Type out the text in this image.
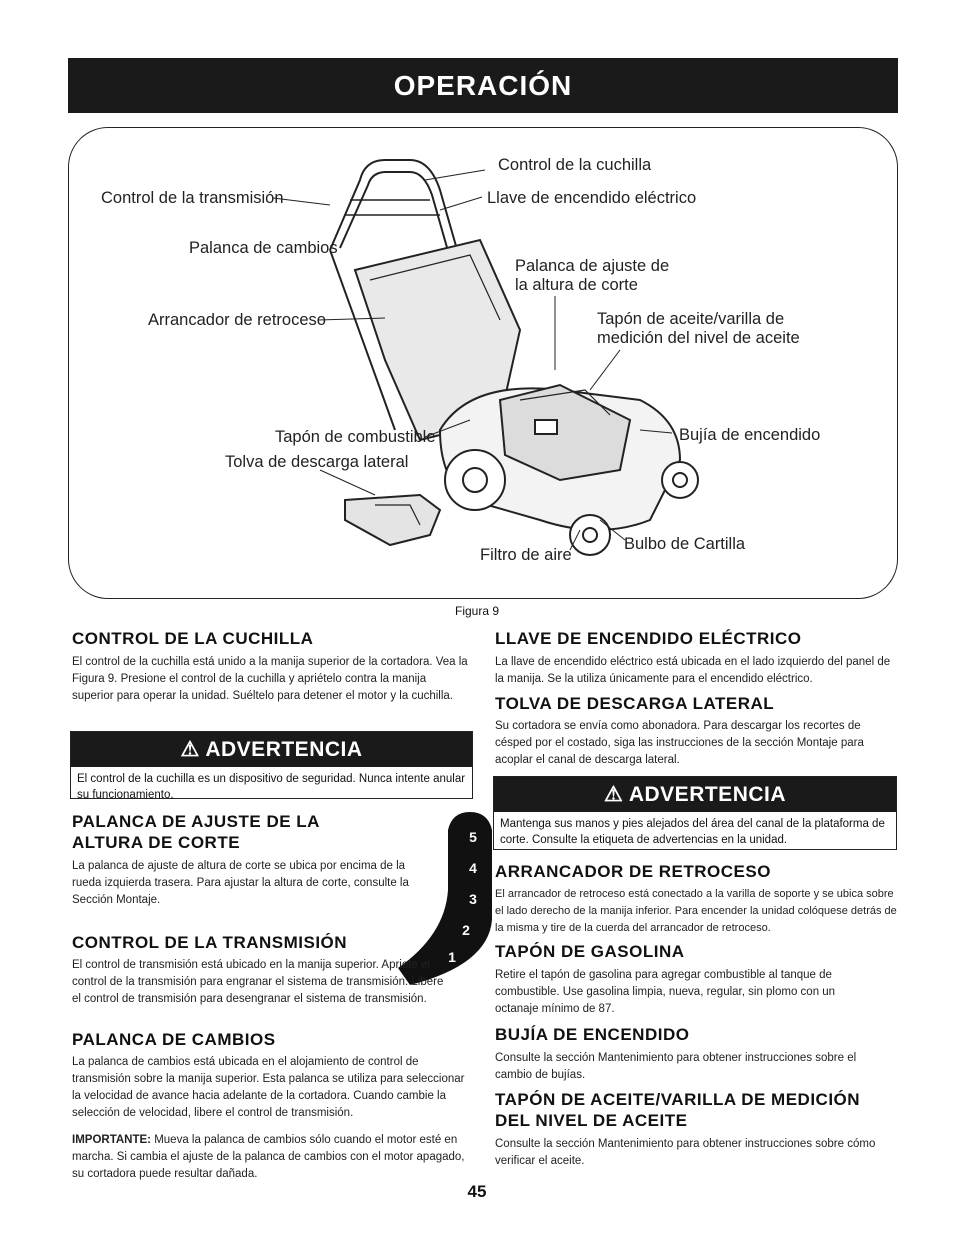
OPERACIÓN
Control de la cuchilla
Control de la transmisión	Llave de encendido eléctrico
Palanca de cambios
Palanca de ajuste de
la altura de corte
Arrancador de retroceso	Tapón de aceite/varilla de
medición del nivel de aceite
Tapón de combustible	Bujía de encendido
Tolva de descarga lateral
Bulbo de Cartilla
Filtro de aire
Figura 9
CONTROL DE LA CUCHILLA
El control de la cuchilla está unido a la manija superior de la cortadora. Vea la Figura 9. Presione el control de la cuchilla y apriételo contra la manija superior para operar la unidad. Suéltelo para detener el motor y la cuchilla.
⚠ ADVERTENCIA
El control de la cuchilla es un dispositivo de seguridad. Nunca intente anular su funcionamiento.
PALANCA DE AJUSTE DE LA
ALTURA DE CORTE
La palanca de ajuste de altura de corte se ubica por encima de la rueda izquierda trasera. Para ajustar la altura de corte, consulte la Sección Montaje.
5
4
3
2
1
CONTROL DE LA TRANSMISIÓN
El control de transmisión está ubicado en la manija superior. Apriete el control de la transmisión para engranar el sistema de transmisión. Libere el control de transmisión para desengranar el sistema de transmisión.
PALANCA DE CAMBIOS
La palanca de cambios está ubicada en el alojamiento de control de transmisión sobre la manija superior. Esta palanca se utiliza para seleccionar la velocidad de avance hacia adelante de la cortadora. Cuando cambie la selección de velocidad, libere el control de transmisión.
IMPORTANTE: Mueva la palanca de cambios sólo cuando el motor esté en marcha. Si cambia el ajuste de la palanca de cambios con el motor apagado, su cortadora puede resultar dañada.
LLAVE DE ENCENDIDO ELÉCTRICO
La llave de encendido eléctrico está ubicada en el lado izquierdo del panel de la manija. Se la utiliza únicamente para el encendido eléctrico.
TOLVA DE DESCARGA LATERAL
Su cortadora se envía como abonadora. Para descargar los recortes de césped por el costado, siga las instrucciones de la sección Montaje para acoplar el canal de descarga lateral.
⚠ ADVERTENCIA
Mantenga sus manos y pies alejados del área del canal de la plataforma de corte. Consulte la etiqueta de advertencias en la unidad.
ARRANCADOR DE RETROCESO
El arrancador de retroceso está conectado a la varilla de soporte y se ubica sobre el lado derecho de la manija inferior. Para encender la unidad colóquese detrás de la misma y tire de la cuerda del arrancador de retroceso.
TAPÓN DE GASOLINA
Retire el tapón de gasolina para agregar combustible al tanque de combustible. Use gasolina limpia, nueva, regular, sin plomo con un octanaje mínimo de 87.
BUJÍA DE ENCENDIDO
Consulte la sección Mantenimiento para obtener instrucciones sobre el cambio de bujías.
TAPÓN DE ACEITE/VARILLA DE MEDICIÓN
DEL NIVEL DE ACEITE
Consulte la sección Mantenimiento para obtener instrucciones sobre cómo verificar el aceite.
45
